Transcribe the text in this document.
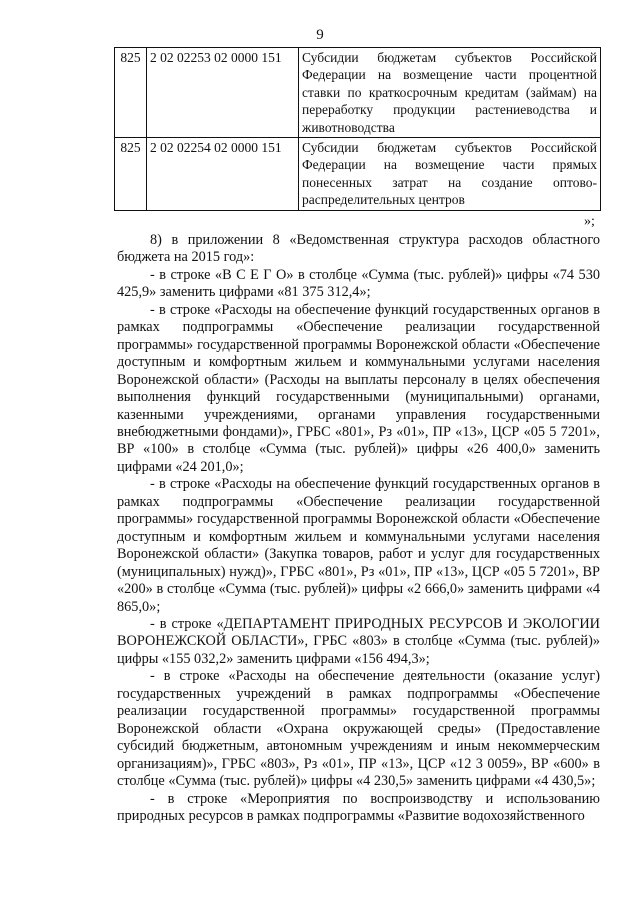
9
825	2 02 02253 02 0000 151	Субсидии бюджетам субъектов Российской Федерации на возмещение части процентной ставки по краткосрочным кредитам (займам) на переработку продукции растениеводства и животноводства
825	2 02 02254 02 0000 151	Субсидии бюджетам субъектов Российской Федерации на возмещение части прямых понесенных затрат на создание оптово-распределительных центров
»;

8) в приложении 8 «Ведомственная структура расходов областного бюджета на 2015 год»:

- в строке «В С Е Г О» в столбце «Сумма (тыс. рублей)» цифры «74 530 425,9» заменить цифрами «81 375 312,4»;

- в строке «Расходы на обеспечение функций государственных органов в рамках подпрограммы «Обеспечение реализации государственной программы» государственной программы Воронежской области «Обеспечение доступным и комфортным жильем и коммунальными услугами населения Воронежской области» (Расходы на выплаты персоналу в целях обеспечения выполнения функций государственными (муниципальными) органами, казенными учреждениями, органами управления государственными внебюджетными фондами)», ГРБС «801», Рз «01», ПР «13», ЦСР «05 5 7201», ВР «100» в столбце «Сумма (тыс. рублей)» цифры «26 400,0» заменить цифрами «24 201,0»;

- в строке «Расходы на обеспечение функций государственных органов в рамках подпрограммы «Обеспечение реализации государственной программы» государственной программы Воронежской области «Обеспечение доступным и комфортным жильем и коммунальными услугами населения Воронежской области» (Закупка товаров, работ и услуг для государственных (муниципальных) нужд)», ГРБС «801», Рз «01», ПР «13», ЦСР «05 5 7201», ВР «200» в столбце «Сумма (тыс. рублей)» цифры «2 666,0» заменить цифрами «4 865,0»;

- в строке «ДЕПАРТАМЕНТ ПРИРОДНЫХ РЕСУРСОВ И ЭКОЛОГИИ ВОРОНЕЖСКОЙ ОБЛАСТИ», ГРБС «803» в столбце «Сумма (тыс. рублей)» цифры «155 032,2» заменить цифрами «156 494,3»;

- в строке «Расходы на обеспечение деятельности (оказание услуг) государственных учреждений в рамках подпрограммы «Обеспечение реализации государственной программы» государственной программы Воронежской области «Охрана окружающей среды» (Предоставление субсидий бюджетным, автономным учреждениям и иным некоммерческим организациям)», ГРБС «803», Рз «01», ПР «13», ЦСР «12 3 0059», ВР «600» в столбце «Сумма (тыс. рублей)» цифры «4 230,5» заменить цифрами «4 430,5»;

- в строке «Мероприятия по воспроизводству и использованию природных ресурсов в рамках подпрограммы «Развитие водохозяйственного
